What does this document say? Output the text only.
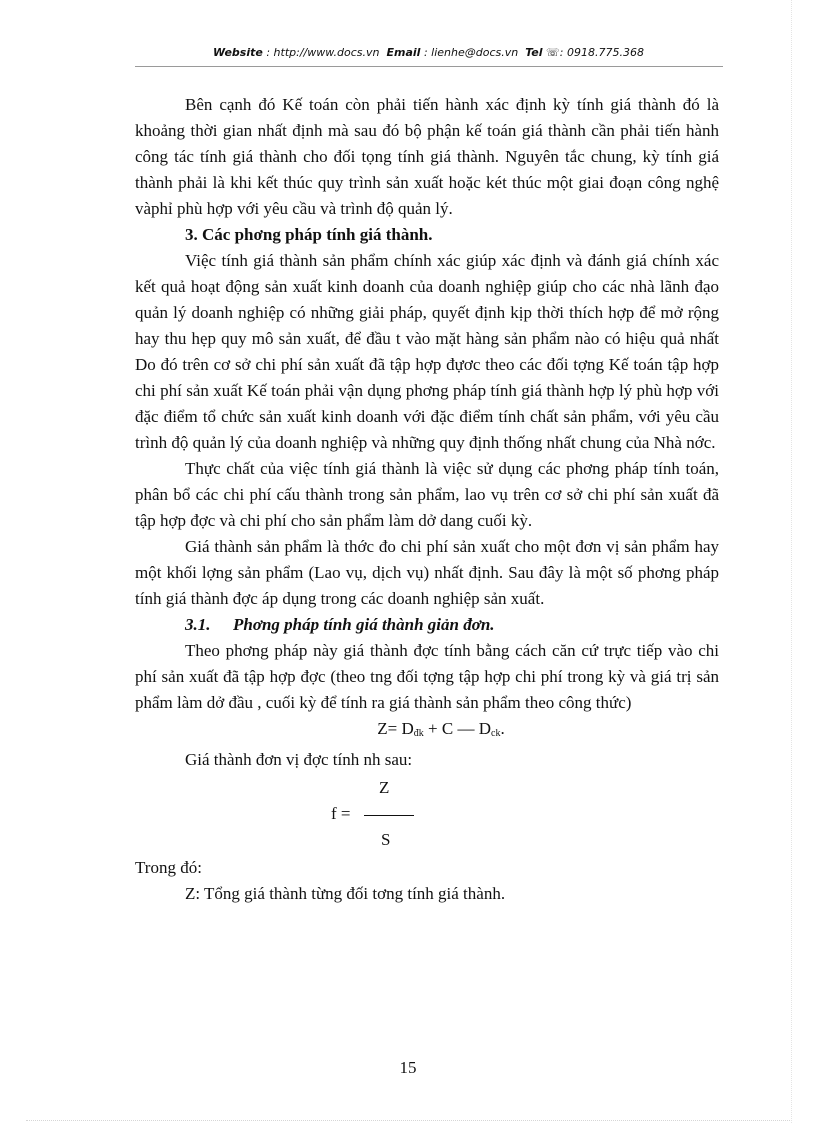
Website : http://www.docs.vn Email : lienhe@docs.vn Tel ☏: 0918.775.368

Bên cạnh đó Kế toán còn phải tiến hành xác định kỳ tính giá thành đó là khoảng thời gian nhất định mà sau đó bộ phận kế toán giá thành cần phải tiến hành công tác tính giá thành cho đối tọng tính giá thành. Nguyên tắc chung, kỳ tính giá thành phải là khi kết thúc quy trình sản xuất hoặc két thúc một giai đoạn công nghệ vàphỉ phù hợp với yêu cầu và trình độ quản lý.

3. Các phơng pháp tính giá thành.

Việc tính giá thành sản phẩm chính xác giúp xác định và đánh giá chính xác kết quả hoạt động sản xuất kinh doanh của doanh nghiệp giúp cho các nhà lãnh đạo quản lý doanh nghiệp có những giải pháp, quyết định kịp thời thích hợp để mở rộng hay thu hẹp quy mô sản xuất, để đầu t vào mặt hàng sản phẩm nào có hiệu quả nhất Do đó trên cơ sở chi phí sản xuất đã tập hợp đựơc theo các đối tợng Kế toán tập hợp chi phí sản xuất Kế toán phải vận dụng phơng pháp tính giá thành hợp lý phù hợp với đặc điểm tổ chức sản xuất kinh doanh với đặc điểm tính chất sản phẩm, với yêu cầu trình độ quản lý của doanh nghiệp và những quy định thống nhất chung của Nhà nớc.

Thực chất của việc tính giá thành là việc sử dụng các phơng pháp tính toán, phân bổ các chi phí cấu thành trong sản phẩm, lao vụ trên cơ sở chi phí sản xuất đã tập hợp đợc và chi phí cho sản phẩm làm dở dang cuối kỳ.

Giá thành sản phẩm là thớc đo chi phí sản xuất cho một đơn vị sản phẩm hay một khối lợng sản phẩm (Lao vụ, dịch vụ) nhất định. Sau đây là một số phơng pháp tính giá thành đợc áp dụng trong các doanh nghiệp sản xuất.

3.1. Phơng pháp tính giá thành giản đơn.

Theo phơng pháp này giá thành đợc tính bằng cách căn cứ trực tiếp vào chi phí sản xuất đã tập hợp đợc (theo tng đối tợng tập hợp chi phí trong kỳ và giá trị sản phẩm làm dở đầu , cuối kỳ để tính ra giá thành sản phẩm theo công thức)

$Z= D_{đk} + C$ — $D_{ck}$.

Giá thành đơn vị đợc tính nh sau:

Z
f =
S

Trong đó:

Z: Tổng giá thành từng đối tơng tính giá thành.

15
